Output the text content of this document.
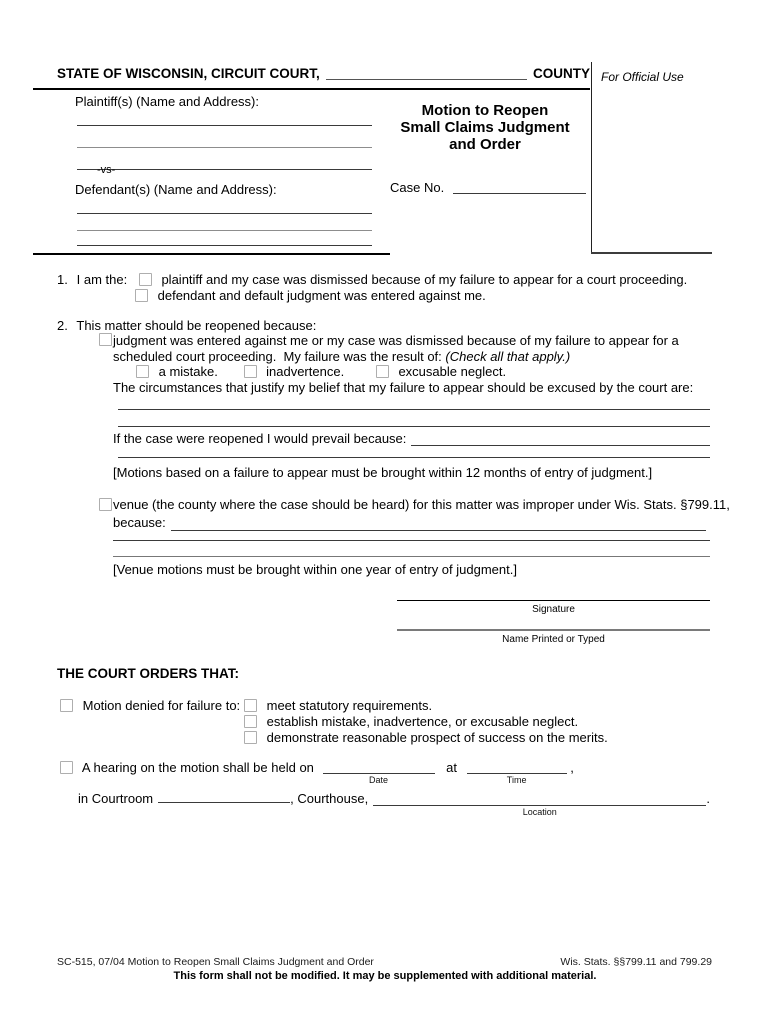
STATE OF WISCONSIN, CIRCUIT COURT,	COUNTY For Official Use
Plaintiff(s) (Name and Address):
-vs-
Defendant(s) (Name and Address):
Motion to Reopen
Small Claims Judgment
and Order
Case No.
1. I am the:	plaintiff and my case was dismissed because of my failure to appear for a court proceeding.
defendant and default judgment was entered against me.
2. This matter should be reopened because:
judgment was entered against me or my case was dismissed because of my failure to appear for a
scheduled court proceeding.  My failure was the result of: (Check all that apply.)
a mistake.	inadvertence.	excusable neglect.
The circumstances that justify my belief that my failure to appear should be excused by the court are:
If the case were reopened I would prevail because:
[Motions based on a failure to appear must be brought within 12 months of entry of judgment.]
venue (the county where the case should be heard) for this matter was improper under Wis. Stats. §799.11,
because:
[Venue motions must be brought within one year of entry of judgment.]
Signature
Name Printed or Typed
THE COURT ORDERS THAT:
Motion denied for failure to:	meet statutory requirements.
establish mistake, inadvertence, or excusable neglect.
demonstrate reasonable prospect of success on the merits.
A hearing on the motion shall be held on
Date
at
Time
,
in Courtroom	, Courthouse,
Location
.
SC-515, 07/04 Motion to Reopen Small Claims Judgment and Order	Wis. Stats. §§799.11 and 799.29
This form shall not be modified. It may be supplemented with additional material.
